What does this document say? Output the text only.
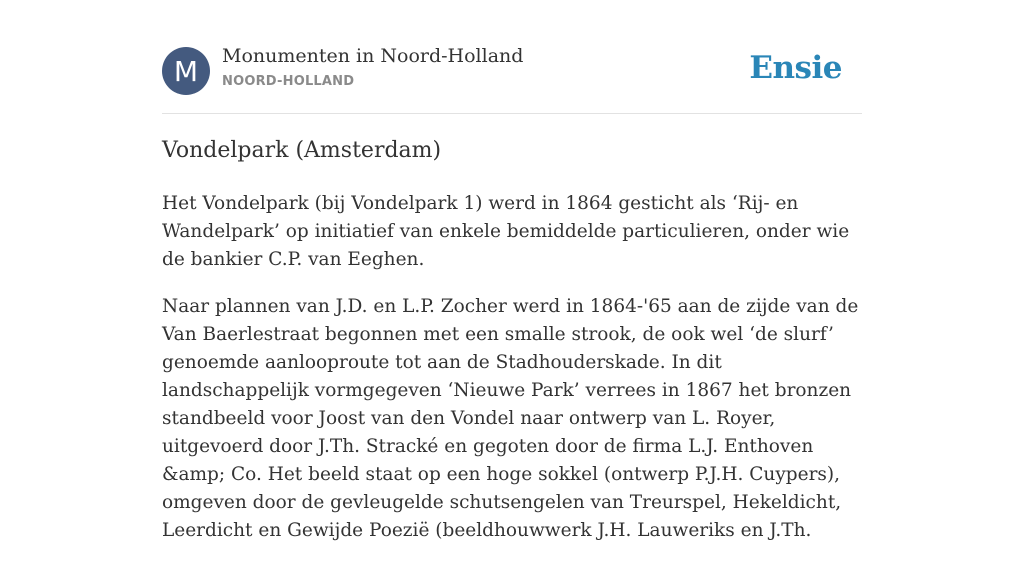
M	Monumenten in Noord-Holland
NOORD-HOLLAND	Ensie
Vondelpark (Amsterdam)

Het Vondelpark (bij Vondelpark 1) werd in 1864 gesticht als ‘Rij- en Wandelpark’ op initiatief van enkele bemiddelde particulieren, onder wie de bankier C.P. van Eeghen.

Naar plannen van J.D. en L.P. Zocher werd in 1864-'65 aan de zijde van de Van Baerlestraat begonnen met een smalle strook, de ook wel ‘de slurf’ genoemde aanlooproute tot aan de Stadhouderskade. In dit landschappelijk vormgegeven ‘Nieuwe Park’ verrees in 1867 het bronzen standbeeld voor Joost van den Vondel naar ontwerp van L. Royer, uitgevoerd door J.Th. Stracké en gegoten door de firma L.J. Enthoven &amp; Co. Het beeld staat op een hoge sokkel (ontwerp P.J.H. Cuypers), omgeven door de gevleugelde schutsengelen van Treurspel, Hekeldicht, Leerdicht en Gewijde Poezië (beeldhouwwerk J.H. Lauweriks en J.Th.
